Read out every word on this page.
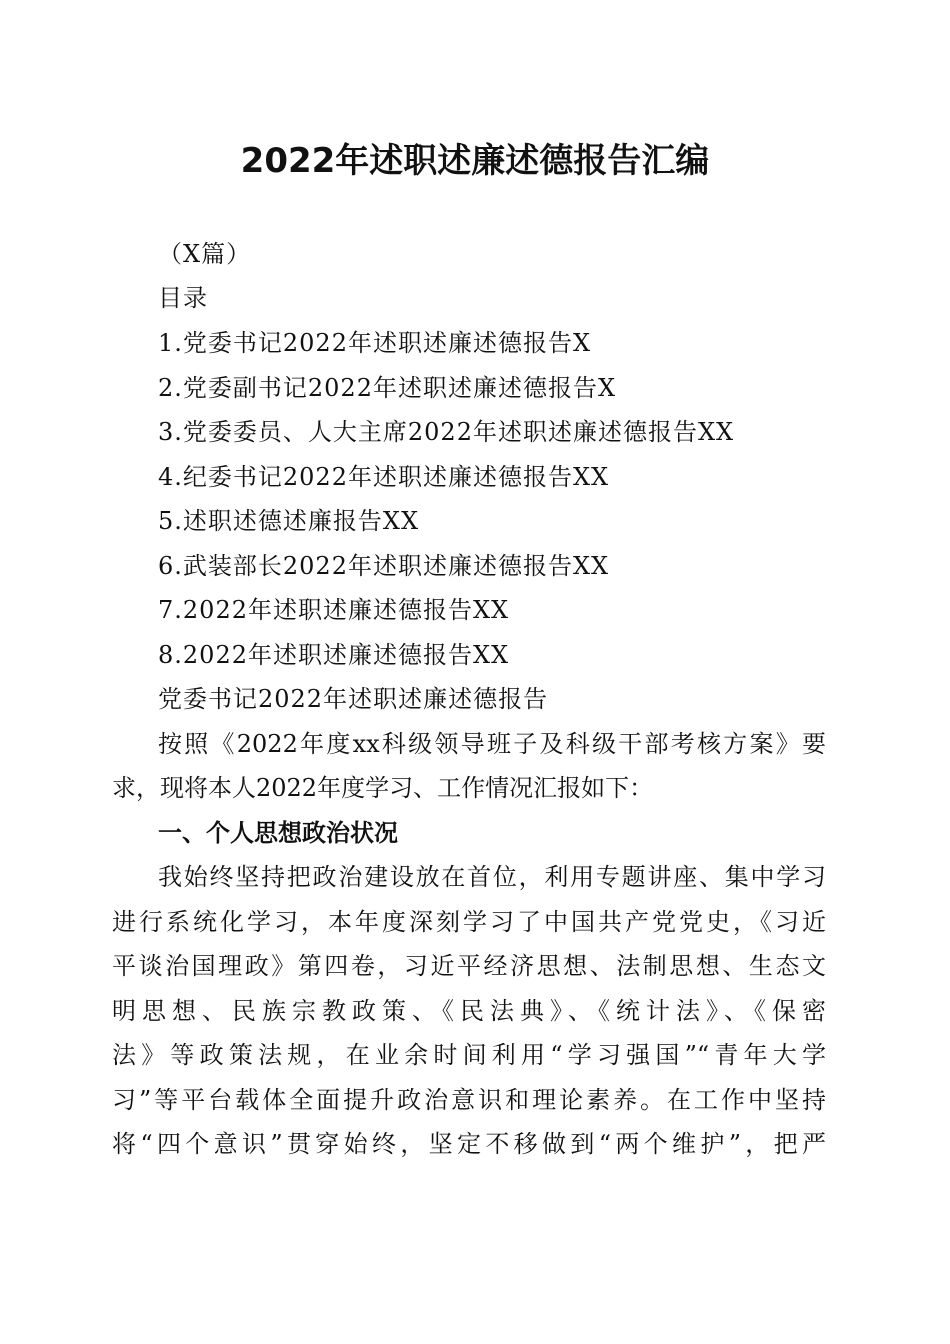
2022年述职述廉述德报告汇编
（X篇）
目录
1.党委书记2022年述职述廉述德报告X
2.党委副书记2022年述职述廉述德报告X
3.党委委员、人大主席2022年述职述廉述德报告XX
4.纪委书记2022年述职述廉述德报告XX
5.述职述德述廉报告XX
6.武装部长2022年述职述廉述德报告XX
7.2022年述职述廉述德报告XX
8.2022年述职述廉述德报告XX
党委书记2022年述职述廉述德报告
按照《2022年度xx科级领导班子及科级干部考核方案》要
求，现将本人2022年度学习、工作情况汇报如下：
一、个人思想政治状况
我始终坚持把政治建设放在首位，利用专题讲座、集中学习
进行系统化学习，本年度深刻学习了中国共产党党史，《习近
平谈治国理政》第四卷，习近平经济思想、法制思想、生态文
明思想、民族宗教政策、《民法典》、《统计法》、《保密
法》等政策法规，在业余时间利用“学习强国”“青年大学
习”等平台载体全面提升政治意识和理论素养。在工作中坚持
将“四个意识”贯穿始终，坚定不移做到“两个维护”，把严
